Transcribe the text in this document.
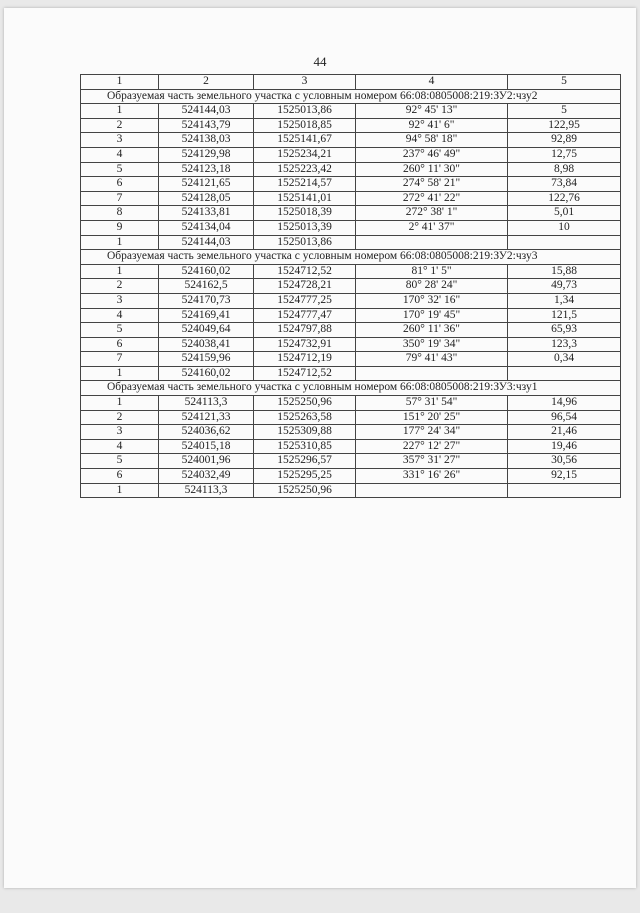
44
1	2	3	4	5
Образуемая часть земельного участка с условным номером 66:08:0805008:219:ЗУ2:чзу2				
1	524144,03	1525013,86	92° 45' 13"	5
2	524143,79	1525018,85	92° 41' 6"	122,95
3	524138,03	1525141,67	94° 58' 18"	92,89
4	524129,98	1525234,21	237° 46' 49"	12,75
5	524123,18	1525223,42	260° 11' 30"	8,98
6	524121,65	1525214,57	274° 58' 21"	73,84
7	524128,05	1525141,01	272° 41' 22"	122,76
8	524133,81	1525018,39	272° 38' 1"	5,01
9	524134,04	1525013,39	2° 41' 37"	10
1	524144,03	1525013,86		
Образуемая часть земельного участка с условным номером 66:08:0805008:219:ЗУ2:чзу3				
1	524160,02	1524712,52	81° 1' 5"	15,88
2	524162,5	1524728,21	80° 28' 24"	49,73
3	524170,73	1524777,25	170° 32' 16"	1,34
4	524169,41	1524777,47	170° 19' 45"	121,5
5	524049,64	1524797,88	260° 11' 36"	65,93
6	524038,41	1524732,91	350° 19' 34"	123,3
7	524159,96	1524712,19	79° 41' 43"	0,34
1	524160,02	1524712,52		
Образуемая часть земельного участка с условным номером 66:08:0805008:219:ЗУ3:чзу1				
1	524113,3	1525250,96	57° 31' 54"	14,96
2	524121,33	1525263,58	151° 20' 25"	96,54
3	524036,62	1525309,88	177° 24' 34"	21,46
4	524015,18	1525310,85	227° 12' 27"	19,46
5	524001,96	1525296,57	357° 31' 27"	30,56
6	524032,49	1525295,25	331° 16' 26"	92,15
1	524113,3	1525250,96		
